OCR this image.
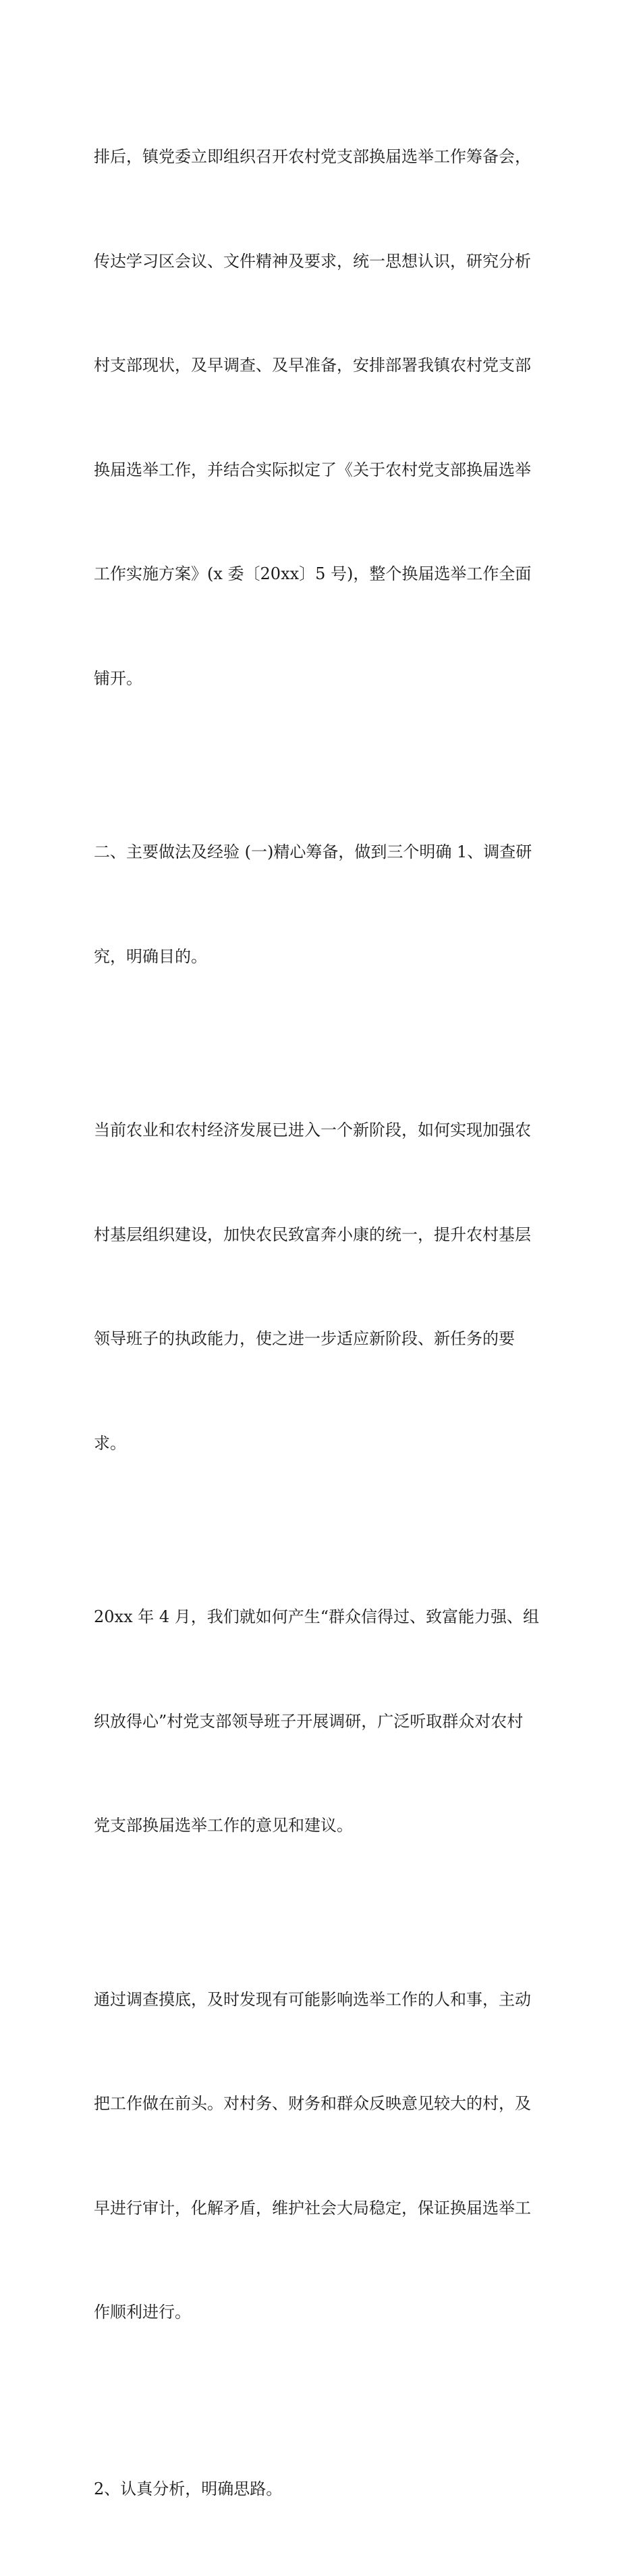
排后，镇党委立即组织召开农村党支部换届选举工作筹备会，

传达学习区会议、文件精神及要求，统一思想认识，研究分析

村支部现状，及早调查、及早准备，安排部署我镇农村党支部

换届选举工作，并结合实际拟定了《关于农村党支部换届选举

工作实施方案》(x 委〔20xx〕5 号)，整个换届选举工作全面

铺开。

二、主要做法及经验 (一)精心筹备，做到三个明确 1、调查研

究，明确目的。

当前农业和农村经济发展已进入一个新阶段，如何实现加强农

村基层组织建设，加快农民致富奔小康的统一，提升农村基层

领导班子的执政能力，使之进一步适应新阶段、新任务的要

求。

20xx 年 4 月，我们就如何产生“群众信得过、致富能力强、组

织放得心”村党支部领导班子开展调研，广泛听取群众对农村

党支部换届选举工作的意见和建议。

通过调查摸底，及时发现有可能影响选举工作的人和事，主动

把工作做在前头。对村务、财务和群众反映意见较大的村，及

早进行审计，化解矛盾，维护社会大局稳定，保证换届选举工

作顺利进行。

2、认真分析，明确思路。
